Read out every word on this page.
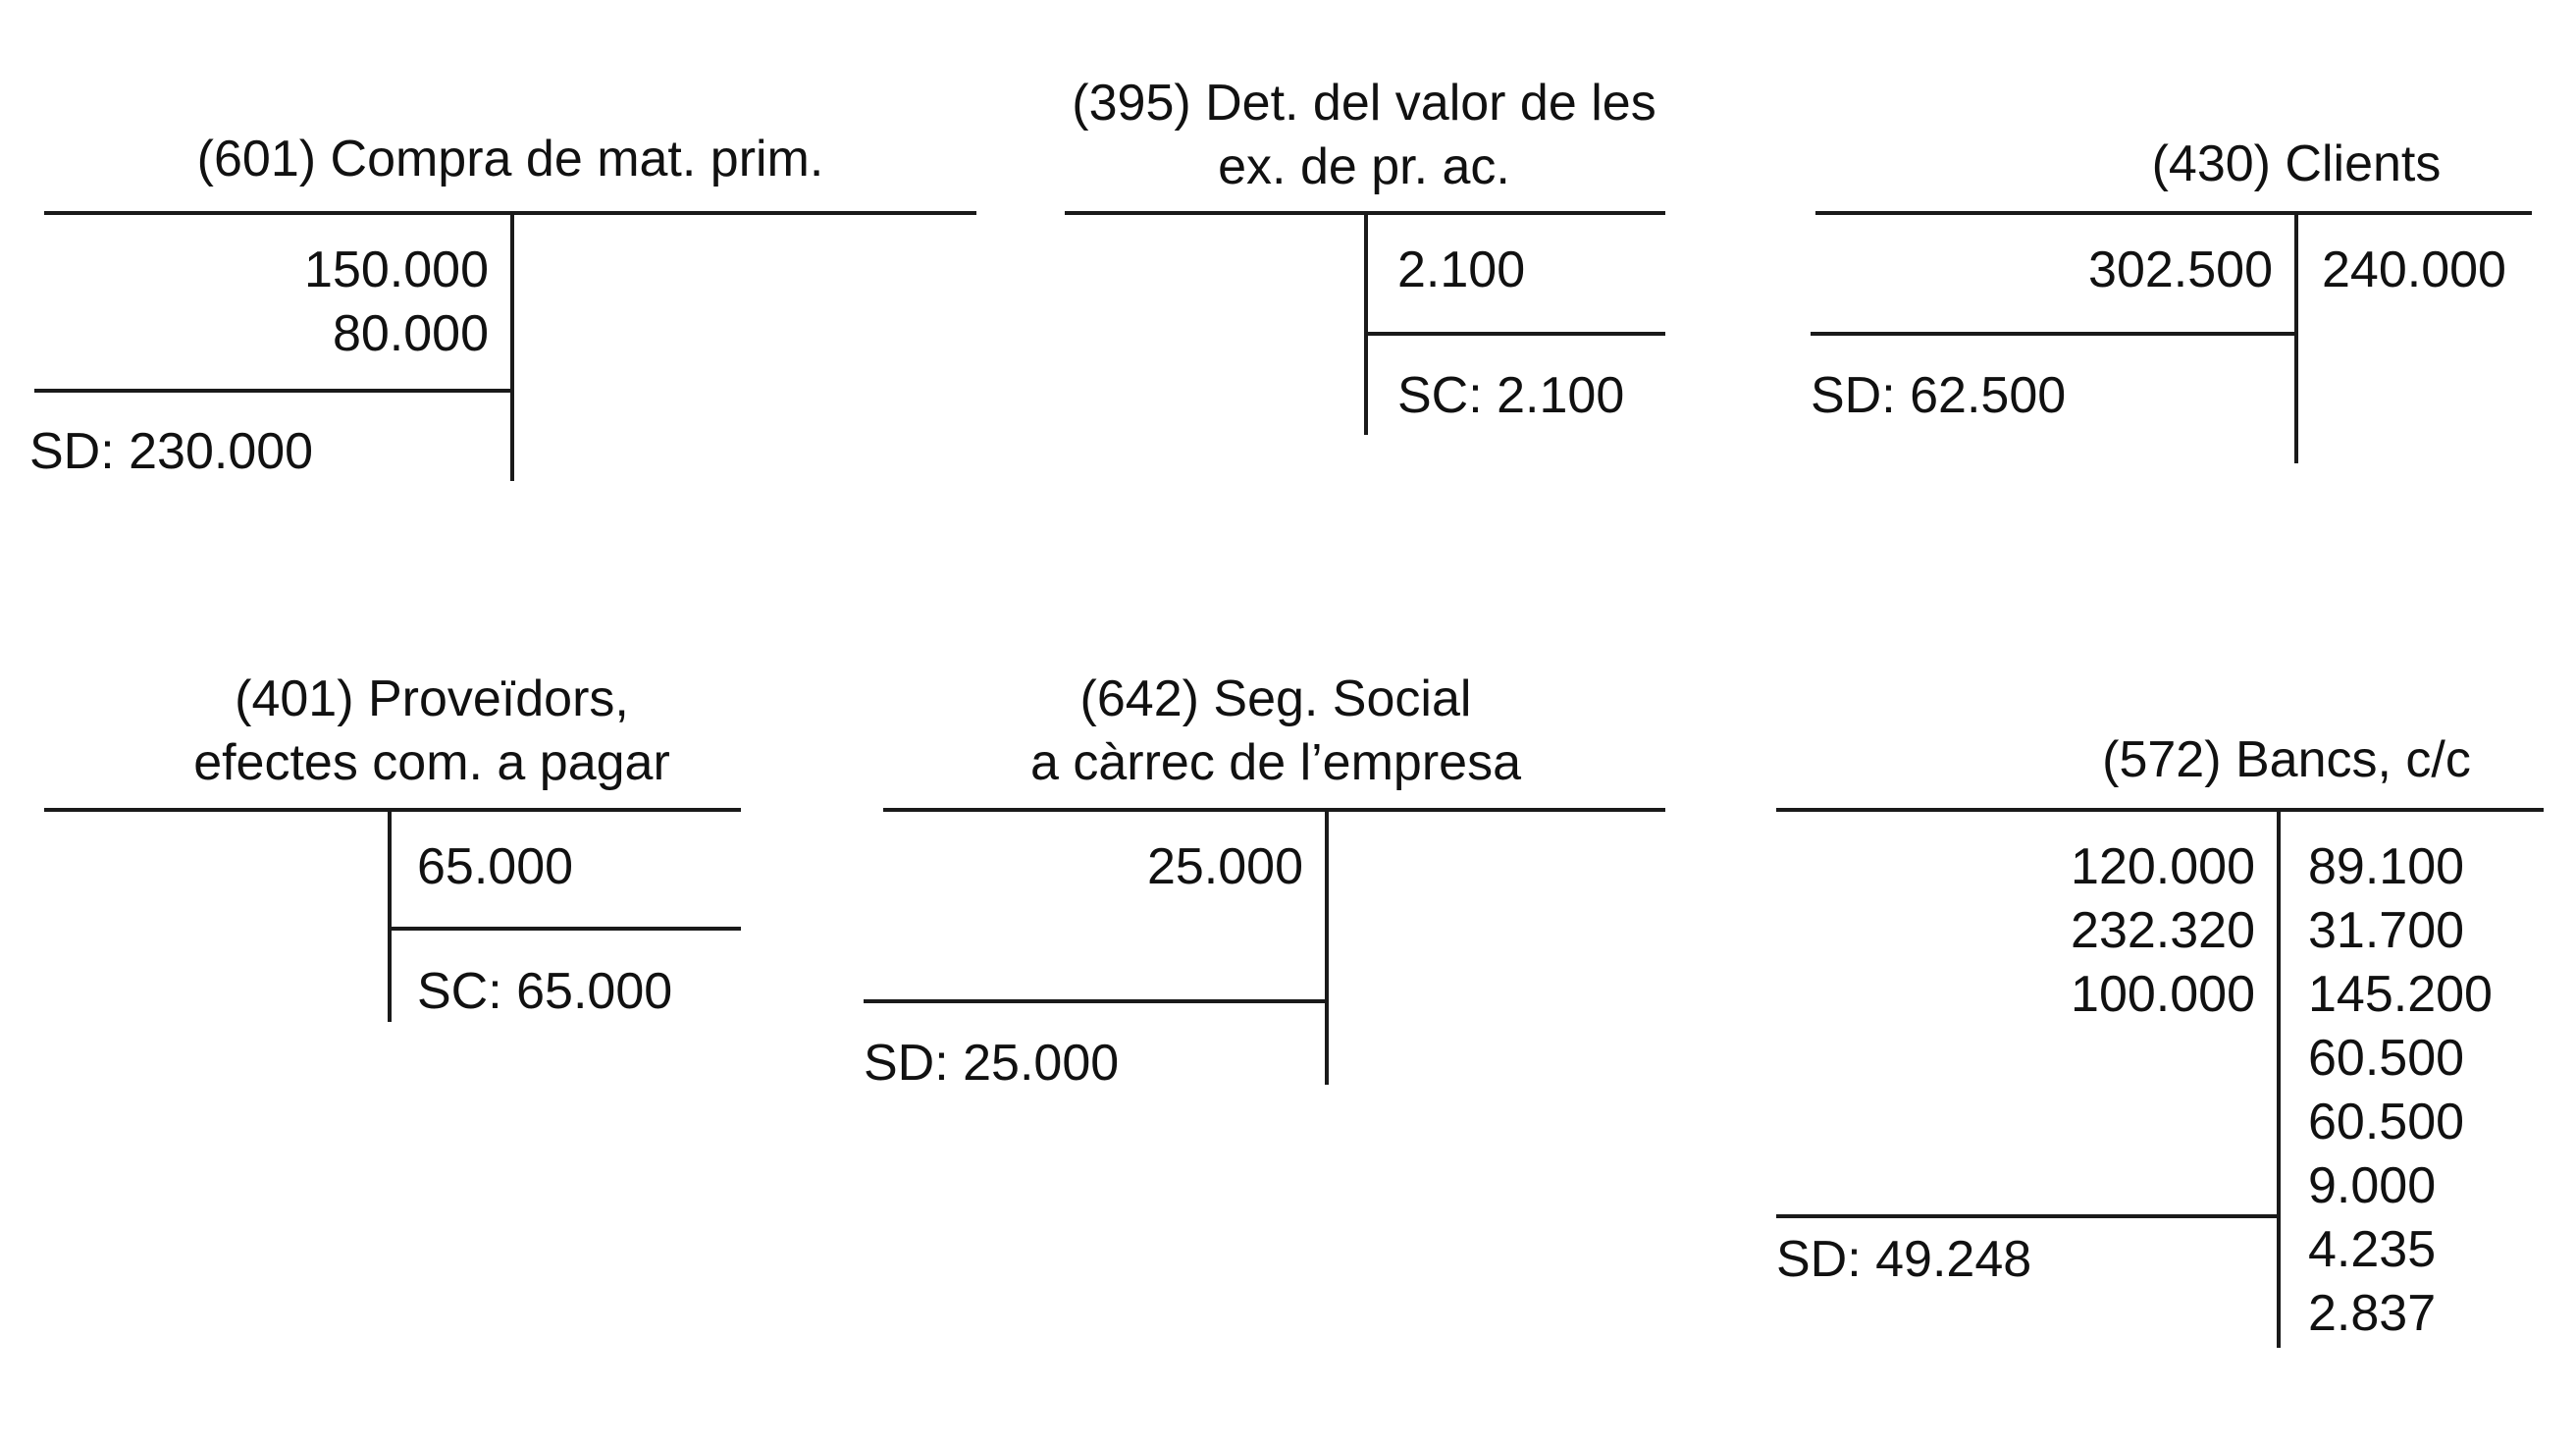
(601) Compra de mat. prim.
150.000
80.000
SD: 230.000
(395) Det. del valor de les
ex. de pr. ac.
2.100
SC: 2.100
(430) Clients
302.500 240.000
SD: 62.500
(401) Proveïdors,
efectes com. a pagar
65.000
SC: 65.000
(642) Seg. Social
a càrrec de l’empresa
25.000
SD: 25.000
(572) Bancs, c/c
120.000
232.320
100.000
89.100
31.700
145.200
60.500
60.500
9.000
4.235
2.837
SD: 49.248
